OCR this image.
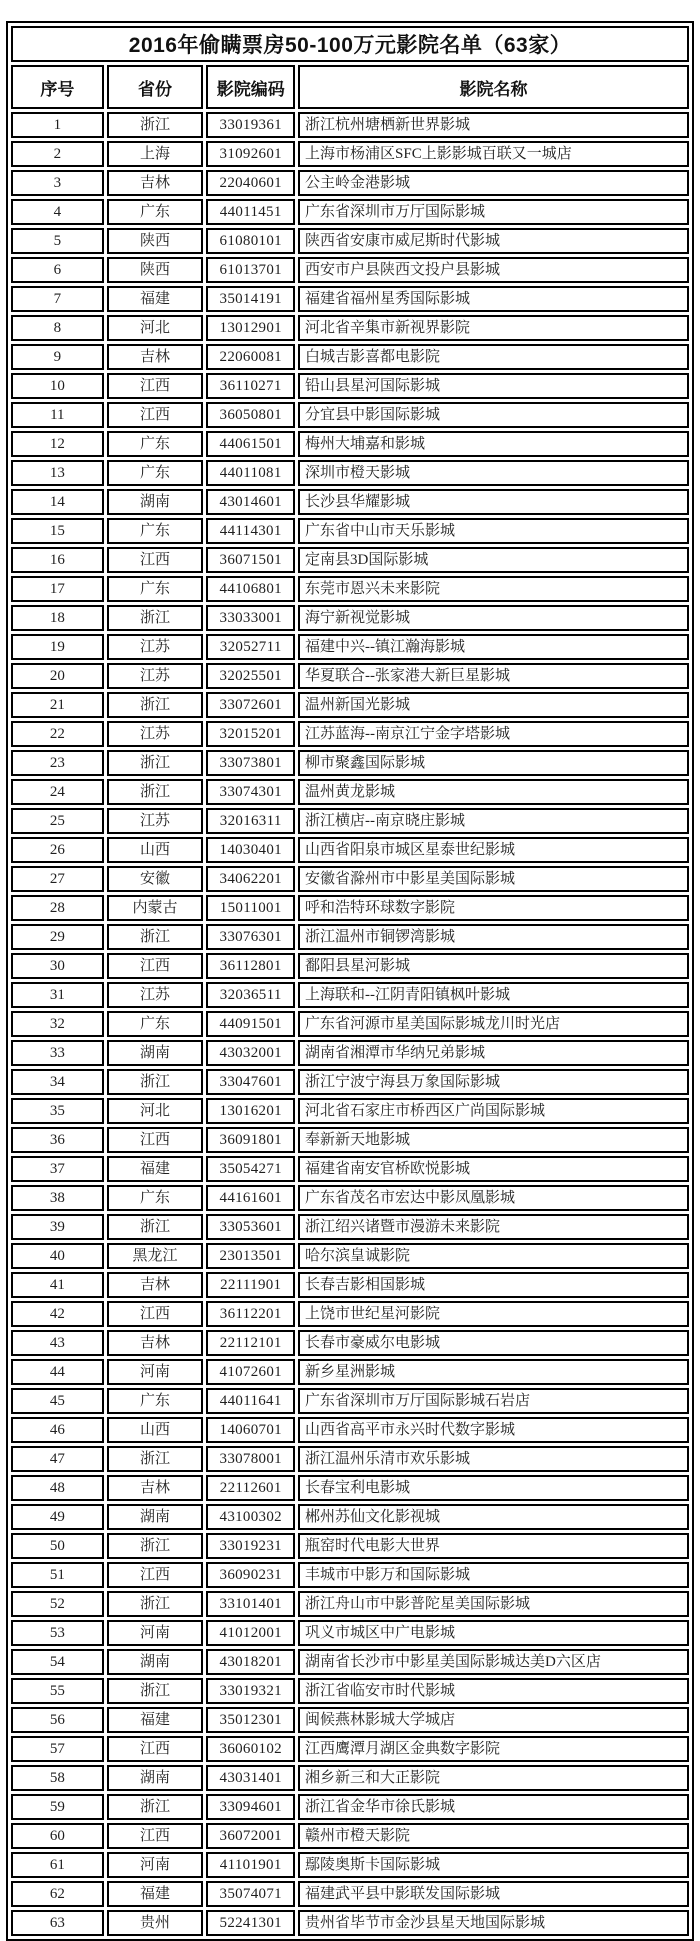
2016年偷瞒票房50-100万元影院名单（63家）			
序号	省份	影院编码	影院名称
1	浙江	33019361	浙江杭州塘栖新世界影城
2	上海	31092601	上海市杨浦区SFC上影影城百联又一城店
3	吉林	22040601	公主岭金港影城
4	广东	44011451	广东省深圳市万厅国际影城
5	陕西	61080101	陕西省安康市威尼斯时代影城
6	陕西	61013701	西安市户县陕西文投户县影城
7	福建	35014191	福建省福州星秀国际影城
8	河北	13012901	河北省辛集市新视界影院
9	吉林	22060081	白城吉影喜都电影院
10	江西	36110271	铅山县星河国际影城
11	江西	36050801	分宜县中影国际影城
12	广东	44061501	梅州大埔嘉和影城
13	广东	44011081	深圳市橙天影城
14	湖南	43014601	长沙县华耀影城
15	广东	44114301	广东省中山市天乐影城
16	江西	36071501	定南县3D国际影城
17	广东	44106801	东莞市恩兴未来影院
18	浙江	33033001	海宁新视觉影城
19	江苏	32052711	福建中兴--镇江瀚海影城
20	江苏	32025501	华夏联合--张家港大新巨星影城
21	浙江	33072601	温州新国光影城
22	江苏	32015201	江苏蓝海--南京江宁金字塔影城
23	浙江	33073801	柳市聚鑫国际影城
24	浙江	33074301	温州黄龙影城
25	江苏	32016311	浙江横店--南京晓庄影城
26	山西	14030401	山西省阳泉市城区星泰世纪影城
27	安徽	34062201	安徽省滁州市中影星美国际影城
28	内蒙古	15011001	呼和浩特环球数字影院
29	浙江	33076301	浙江温州市铜锣湾影城
30	江西	36112801	鄱阳县星河影城
31	江苏	32036511	上海联和--江阴青阳镇枫叶影城
32	广东	44091501	广东省河源市星美国际影城龙川时光店
33	湖南	43032001	湖南省湘潭市华纳兄弟影城
34	浙江	33047601	浙江宁波宁海县万象国际影城
35	河北	13016201	河北省石家庄市桥西区广尚国际影城
36	江西	36091801	奉新新天地影城
37	福建	35054271	福建省南安官桥欧悦影城
38	广东	44161601	广东省茂名市宏达中影凤凰影城
39	浙江	33053601	浙江绍兴诸暨市漫游未来影院
40	黑龙江	23013501	哈尔滨皇诚影院
41	吉林	22111901	长春吉影相国影城
42	江西	36112201	上饶市世纪星河影院
43	吉林	22112101	长春市豪威尔电影城
44	河南	41072601	新乡星洲影城
45	广东	44011641	广东省深圳市万厅国际影城石岩店
46	山西	14060701	山西省高平市永兴时代数字影城
47	浙江	33078001	浙江温州乐清市欢乐影城
48	吉林	22112601	长春宝利电影城
49	湖南	43100302	郴州苏仙文化影视城
50	浙江	33019231	瓶窑时代电影大世界
51	江西	36090231	丰城市中影万和国际影城
52	浙江	33101401	浙江舟山市中影普陀星美国际影城
53	河南	41012001	巩义市城区中广电影城
54	湖南	43018201	湖南省长沙市中影星美国际影城达美D六区店
55	浙江	33019321	浙江省临安市时代影城
56	福建	35012301	闽候燕林影城大学城店
57	江西	36060102	江西鹰潭月湖区金典数字影院
58	湖南	43031401	湘乡新三和大正影院
59	浙江	33094601	浙江省金华市徐氏影城
60	江西	36072001	赣州市橙天影院
61	河南	41101901	鄢陵奥斯卡国际影城
62	福建	35074071	福建武平县中影联发国际影城
63	贵州	52241301	贵州省毕节市金沙县星天地国际影城
